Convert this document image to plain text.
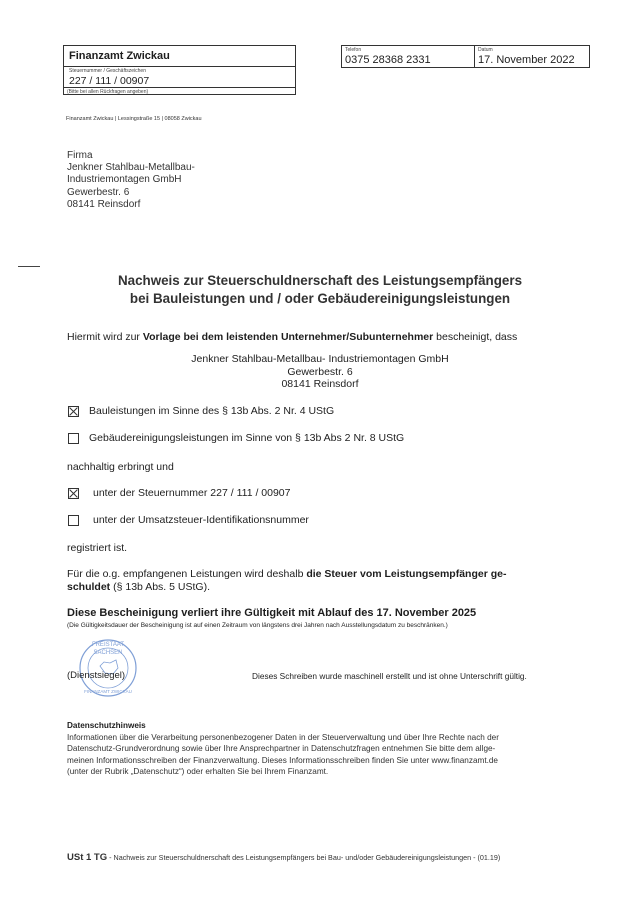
Finanzamt Zwickau
Steuernummer / Geschäftszeichen
227 / 111 / 00907
(Bitte bei allen Rückfragen angeben)
Telefon
0375 28368 2331
Datum
17. November 2022
Finanzamt Zwickau | Lessingstraße 15 | 08058 Zwickau
Firma
Jenkner Stahlbau-Metallbau-
Industriemontagen GmbH
Gewerbestr. 6
08141 Reinsdorf
Nachweis zur Steuerschuldnerschaft des Leistungsempfängers
bei Bauleistungen und / oder Gebäudereinigungsleistungen
Hiermit wird zur Vorlage bei dem leistenden Unternehmer/Subunternehmer bescheinigt, dass
Jenkner Stahlbau-Metallbau- Industriemontagen GmbH
Gewerbestr. 6
08141 Reinsdorf
Bauleistungen im Sinne des § 13b Abs. 2 Nr. 4 UStG
Gebäudereinigungsleistungen im Sinne von § 13b Abs 2 Nr. 8 UStG
nachhaltig erbringt und
unter der Steuernummer 227 / 111 / 00907
unter der Umsatzsteuer-Identifikationsnummer
registriert ist.
Für die o.g. empfangenen Leistungen wird deshalb die Steuer vom Leistungsempfänger ge-
schuldet (§ 13b Abs. 5 UStG).
Diese Bescheinigung verliert ihre Gültigkeit mit Ablauf des 17. November 2025
(Die Gültigkeitsdauer der Bescheinigung ist auf einen Zeitraum von längstens drei Jahren nach Ausstellungsdatum zu beschränken.)
FREISTAAT
SACHSEN
FINANZAMT ZWICKAU
(Dienstsiegel)	Dieses Schreiben wurde maschinell erstellt und ist ohne Unterschrift gültig.
Datenschutzhinweis
Informationen über die Verarbeitung personenbezogener Daten in der Steuerverwaltung und über Ihre Rechte nach der
Datenschutz-Grundverordnung sowie über Ihre Ansprechpartner in Datenschutzfragen entnehmen Sie bitte dem allge-
meinen Informationsschreiben der Finanzverwaltung. Dieses Informationsschreiben finden Sie unter www.finanzamt.de
(unter der Rubrik „Datenschutz“) oder erhalten Sie bei Ihrem Finanzamt.
USt 1 TG - Nachweis zur Steuerschuldnerschaft des Leistungsempfängers bei Bau- und/oder Gebäudereinigungsleistungen - (01.19)
